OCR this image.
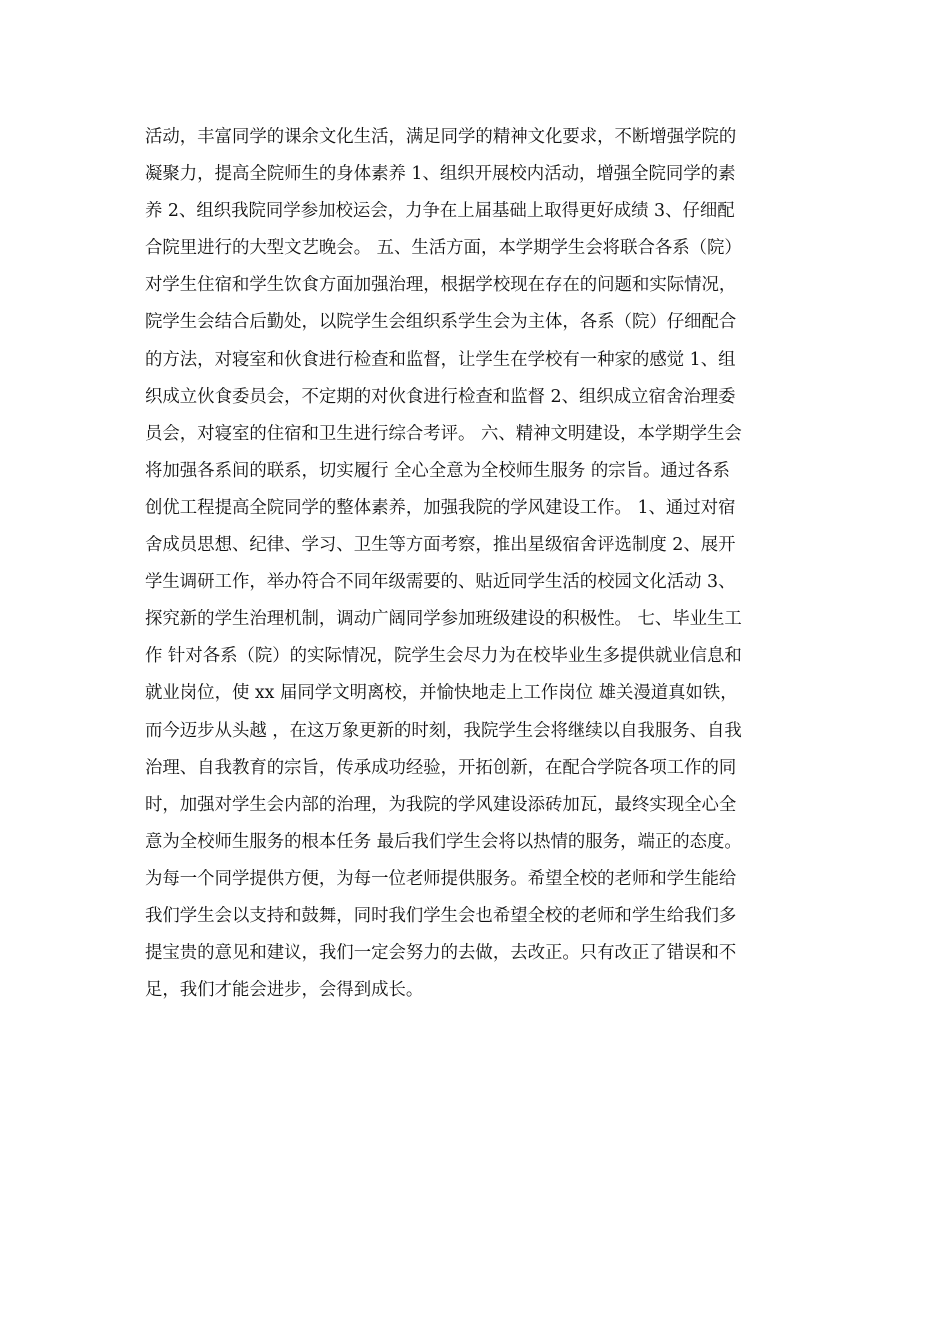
活动，丰富同学的课余文化生活，满足同学的精神文化要求，不断增强学院的
凝聚力，提高全院师生的身体素养 1、组织开展校内活动，增强全院同学的素
养 2、组织我院同学参加校运会，力争在上届基础上取得更好成绩 3、仔细配
合院里进行的大型文艺晚会。 五、生活方面，本学期学生会将联合各系（院）
对学生住宿和学生饮食方面加强治理，根据学校现在存在的问题和实际情况，
院学生会结合后勤处，以院学生会组织系学生会为主体，各系（院）仔细配合
的方法，对寝室和伙食进行检查和监督，让学生在学校有一种家的感觉 1、组
织成立伙食委员会，不定期的对伙食进行检查和监督 2、组织成立宿舍治理委
员会，对寝室的住宿和卫生进行综合考评。 六、精神文明建设，本学期学生会
将加强各系间的联系，切实履行 全心全意为全校师生服务 的宗旨。通过各系
创优工程提高全院同学的整体素养，加强我院的学风建设工作。 1、通过对宿
舍成员思想、纪律、学习、卫生等方面考察，推出星级宿舍评选制度 2、展开
学生调研工作，举办符合不同年级需要的、贴近同学生活的校园文化活动 3、
探究新的学生治理机制，调动广阔同学参加班级建设的积极性。 七、毕业生工
作 针对各系（院）的实际情况，院学生会尽力为在校毕业生多提供就业信息和
就业岗位，使 xx 届同学文明离校，并愉快地走上工作岗位 雄关漫道真如铁，
而今迈步从头越 ，在这万象更新的时刻，我院学生会将继续以自我服务、自我
治理、自我教育的宗旨，传承成功经验，开拓创新，在配合学院各项工作的同
时，加强对学生会内部的治理，为我院的学风建设添砖加瓦，最终实现全心全
意为全校师生服务的根本任务 最后我们学生会将以热情的服务，端正的态度。
为每一个同学提供方便，为每一位老师提供服务。希望全校的老师和学生能给
我们学生会以支持和鼓舞，同时我们学生会也希望全校的老师和学生给我们多
提宝贵的意见和建议，我们一定会努力的去做，去改正。只有改正了错误和不
足，我们才能会进步，会得到成长。
